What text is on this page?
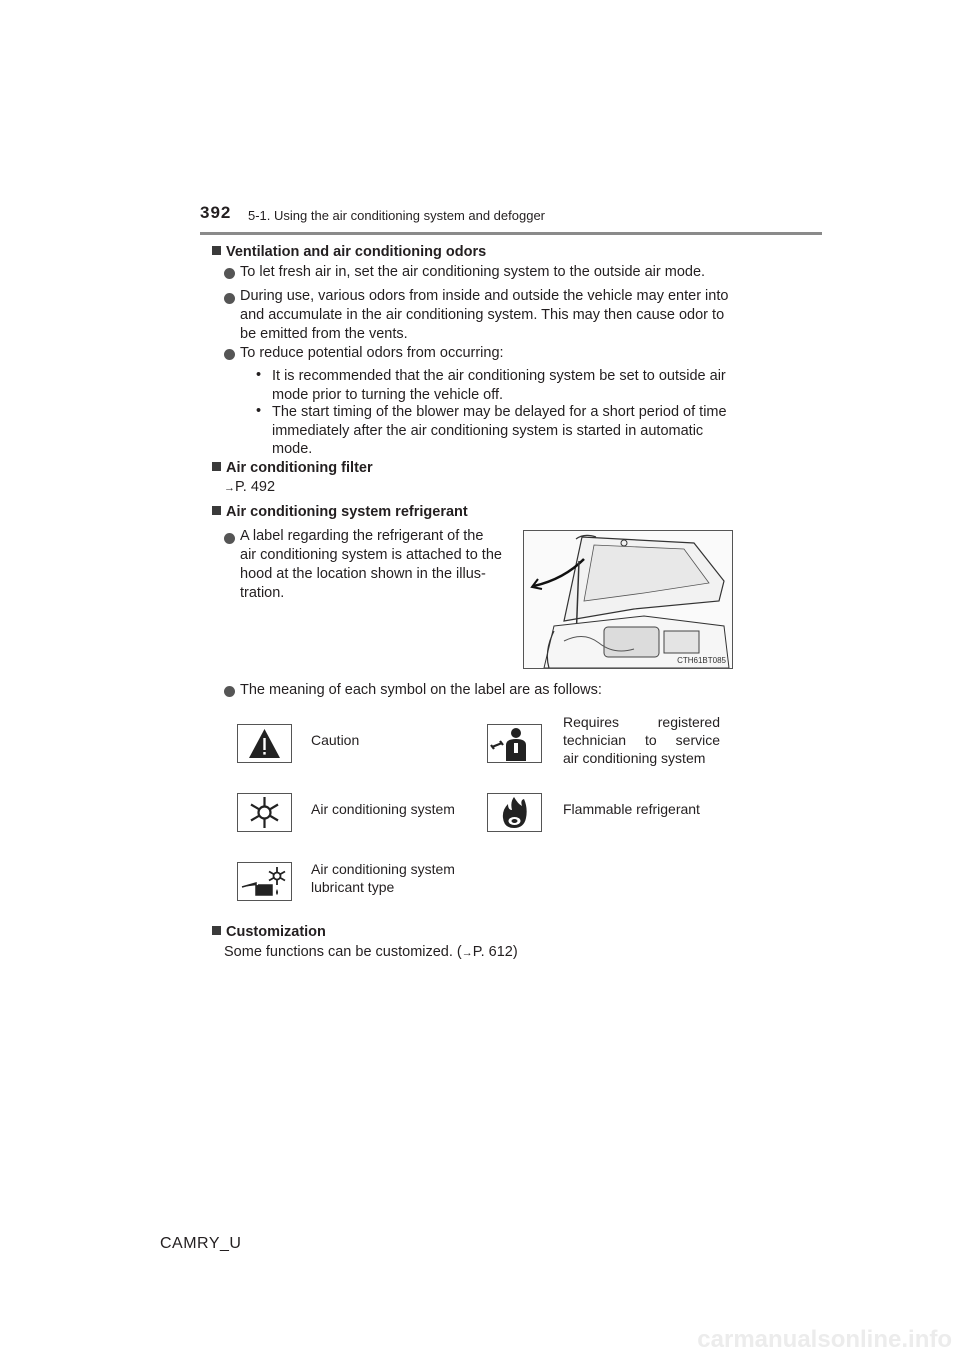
392 5-1. Using the air conditioning system and defogger
Ventilation and air conditioning odors
To let fresh air in, set the air conditioning system to the outside air mode.
During use, various odors from inside and outside the vehicle may enter into
and accumulate in the air conditioning system. This may then cause odor to
be emitted from the vents.
To reduce potential odors from occurring:
• It is recommended that the air conditioning system be set to outside air
mode prior to turning the vehicle off.
• The start timing of the blower may be delayed for a short period of time
immediately after the air conditioning system is started in automatic
mode.
Air conditioning filter
→P. 492
Air conditioning system refrigerant
A label regarding the refrigerant of the
air conditioning system is attached to the
hood at the location shown in the illus-
tration.
CTH61BT085
The meaning of each symbol on the label are as follows:
Caution
Requires registered
technician to service
air conditioning system
Air conditioning system	Flammable refrigerant
Air conditioning system
lubricant type
Customization
Some functions can be customized. (→P. 612)
CAMRY_U
carmanualsonline.info
